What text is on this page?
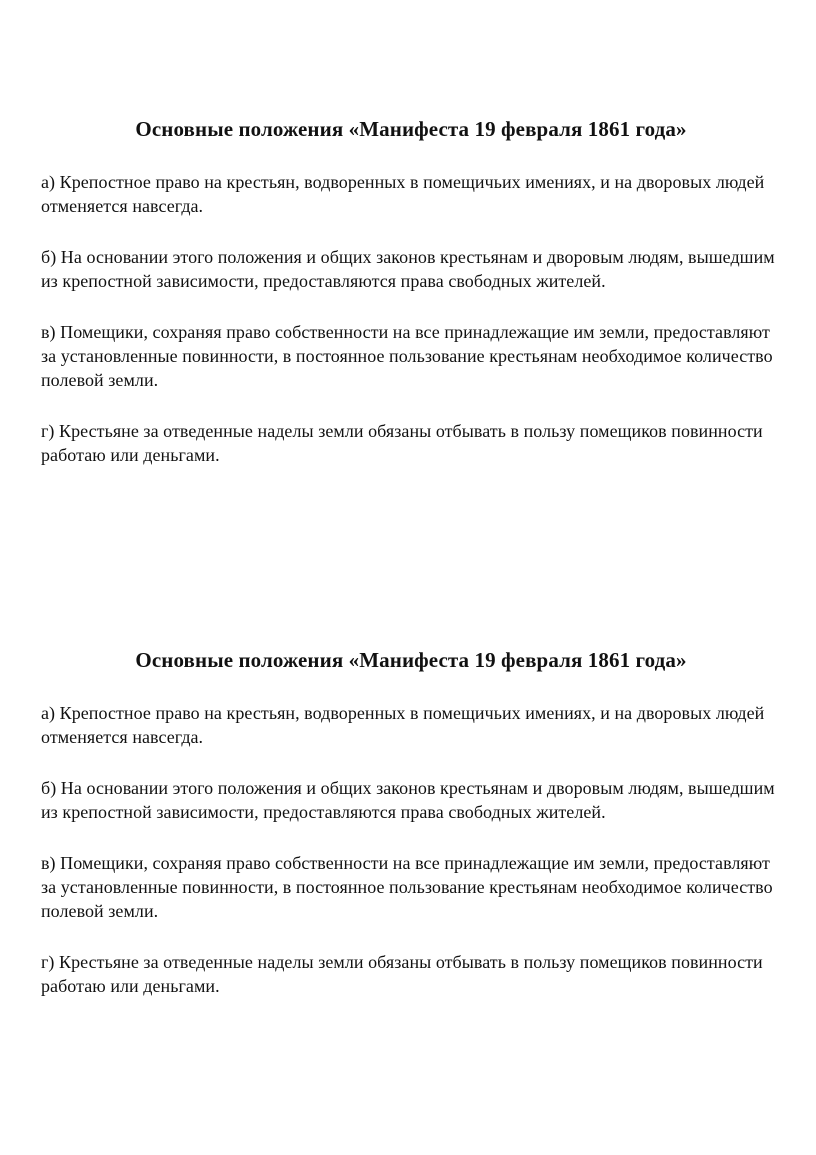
Основные положения «Манифеста 19 февраля 1861 года»

а) Крепостное право на крестьян, водворенных в помещичьих имениях, и на дворовых людей отменяется навсегда.

б) На основании этого положения и общих законов крестьянам и дворовым людям, вышедшим из крепостной зависимости, предоставляются права свободных жителей.

в) Помещики, сохраняя право собственности на все принадлежащие им земли, предоставляют за установленные повинности, в постоянное пользование крестьянам необходимое количество полевой земли.

г) Крестьяне за отведенные наделы земли обязаны отбывать в пользу помещиков повинности работаю или деньгами.

Основные положения «Манифеста 19 февраля 1861 года»

а) Крепостное право на крестьян, водворенных в помещичьих имениях, и на дворовых людей отменяется навсегда.

б) На основании этого положения и общих законов крестьянам и дворовым людям, вышедшим из крепостной зависимости, предоставляются права свободных жителей.

в) Помещики, сохраняя право собственности на все принадлежащие им земли, предоставляют за установленные повинности, в постоянное пользование крестьянам необходимое количество полевой земли.

г) Крестьяне за отведенные наделы земли обязаны отбывать в пользу помещиков повинности работаю или деньгами.
